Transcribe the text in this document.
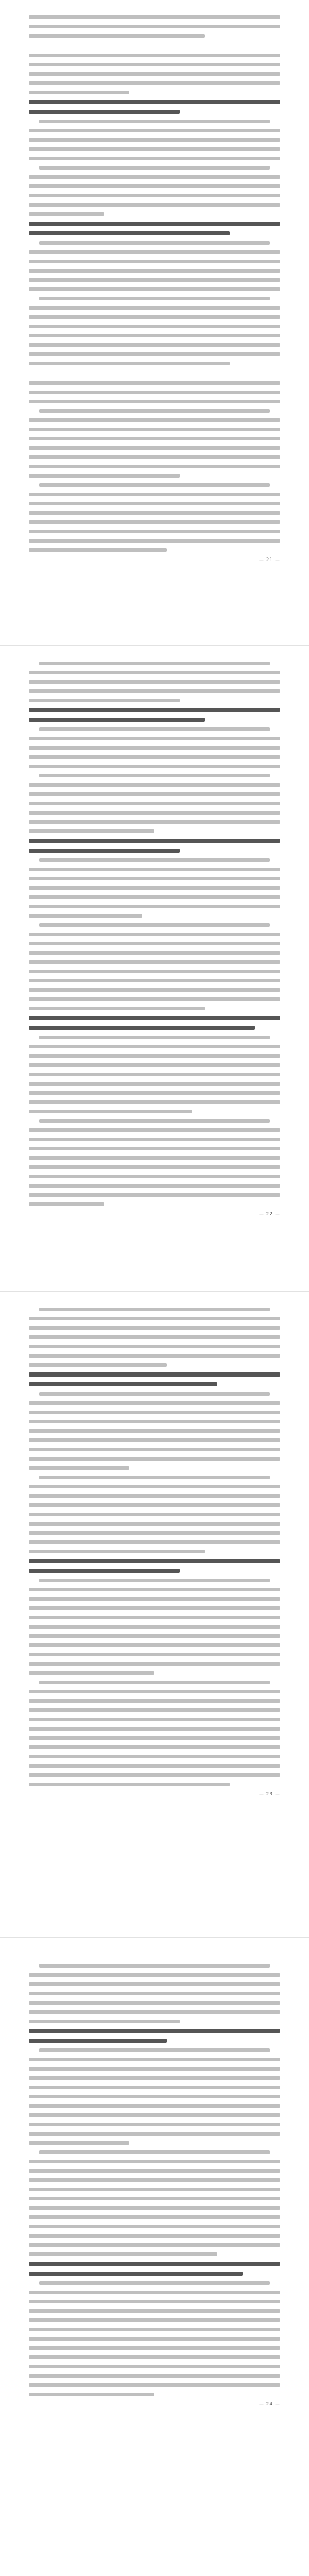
— 21 —
— 22 —
— 23 —
— 24 —
